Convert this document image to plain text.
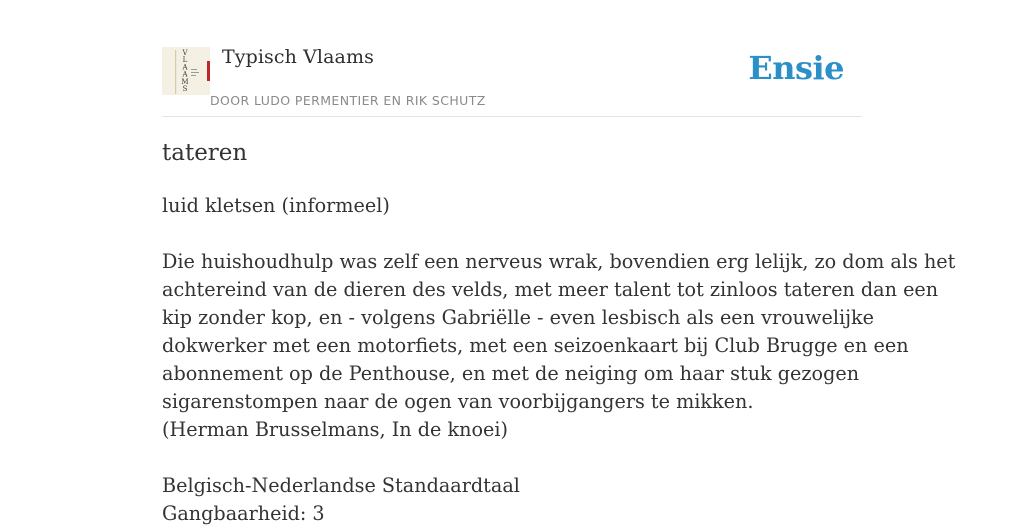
V L A A M S
Typisch Vlaams
DOOR LUDO PERMENTIER EN RIK SCHUTZ
Ensie
tateren

luid kletsen (informeel)

Die huishoudhulp was zelf een nerveus wrak, bovendien erg lelijk, zo dom als het

achtereind van de dieren des velds, met meer talent tot zinloos tateren dan een

kip zonder kop, en - volgens Gabriëlle - even lesbisch als een vrouwelijke

dokwerker met een motorfiets, met een seizoenkaart bij Club Brugge en een

abonnement op de Penthouse, en met de neiging om haar stuk gezogen

sigarenstompen naar de ogen van voorbijgangers te mikken.

(Herman Brusselmans, In de knoei)

Belgisch-Nederlandse Standaardtaal

Gangbaarheid: 3
